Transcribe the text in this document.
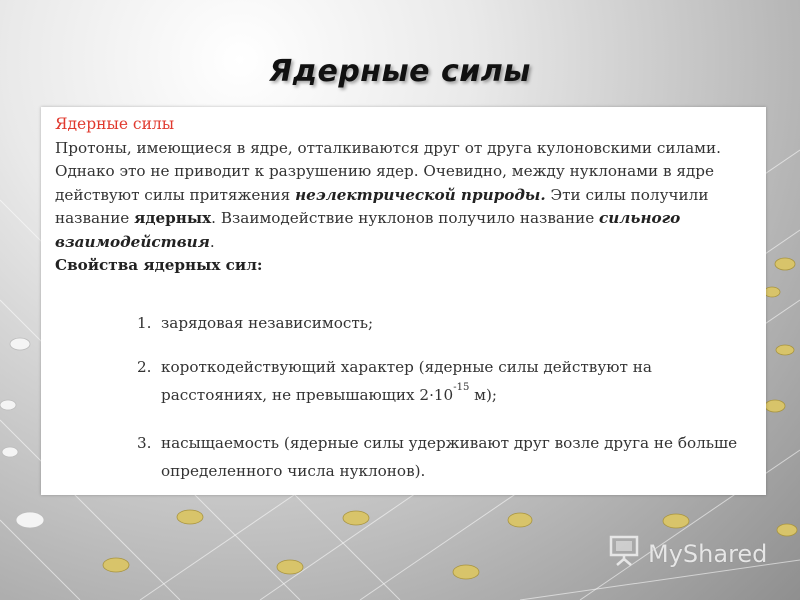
Ядерные силы
Ядерные силы

Протоны, имеющиеся в ядре, отталкиваются друг от друга кулоновскими силами. Однако это не приводит к разрушению ядер. Очевидно, между нуклонами в ядре действуют силы притяжения неэлектрической природы. Эти силы получили название ядерных. Взаимодействие нуклонов получило название сильного взаимодействия.

Свойства ядерных сил:
1. зарядовая независимость;
2. короткодействующий характер (ядерные силы действуют на расстояниях, не превышающих $2\cdot 10^{-15}$ м);
3. насыщаемость (ядерные силы удерживают друг возле друга не больше определенного числа нуклонов).
MyShared
